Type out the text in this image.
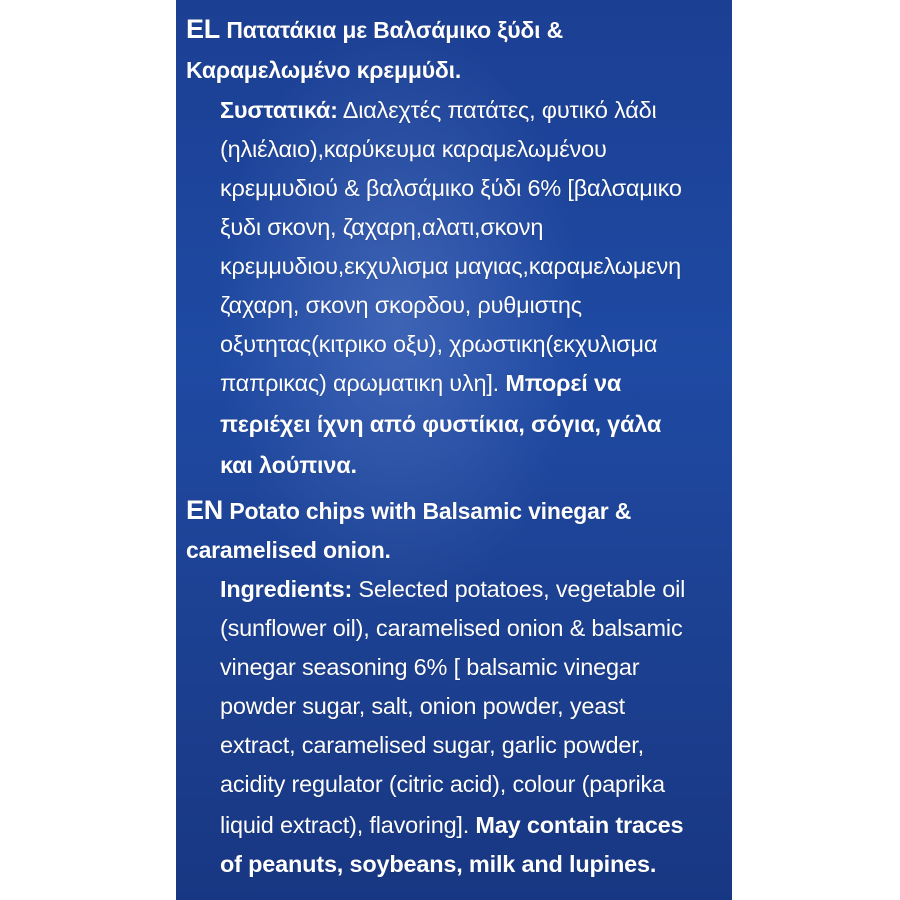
EL Πατατάκια με Βαλσάμικο ξύδι &
Καραμελωμένο κρεμμύδι.
Συστατικά: Διαλεχτές πατάτες, φυτικό λάδι
(ηλιέλαιο),καρύκευμα καραμελωμένου
κρεμμυδιού & βαλσάμικο ξύδι 6% [βαλσαμικο
ξυδι σκονη, ζαχαρη,αλατι,σκονη
κρεμμυδιου,εκχυλισμα μαγιας,καραμελωμενη
ζαχαρη, σκονη σκορδου, ρυθμιστης
οξυτητας(κιτρικο οξυ), χρωστικη(εκχυλισμα
παπρικας) αρωματικη υλη]. Μπορεί να
περιέχει ίχνη από φυστίκια, σόγια, γάλα
και λούπινα.
EN Potato chips with Balsamic vinegar &
caramelised onion.
Ingredients: Selected potatoes, vegetable oil
(sunflower oil), caramelised onion & balsamic
vinegar seasoning 6% [ balsamic vinegar
powder sugar, salt, onion powder, yeast
extract, caramelised sugar, garlic powder,
acidity regulator (citric acid), colour (paprika
liquid extract), flavoring]. May contain traces
of peanuts, soybeans, milk and lupines.
